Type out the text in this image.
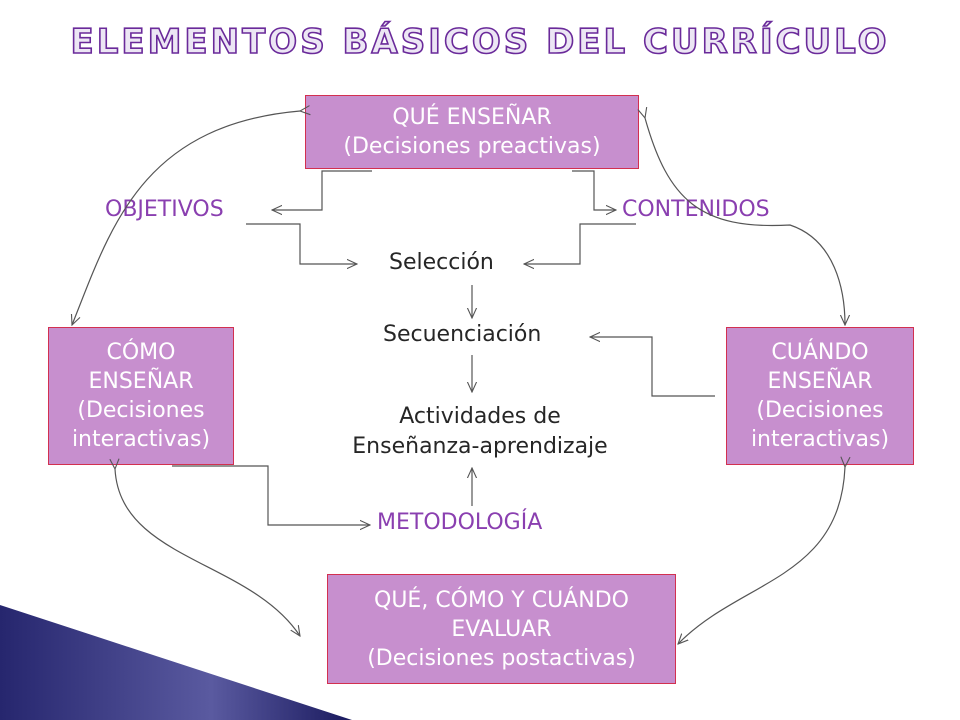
ELEMENTOS BÁSICOS DEL CURRÍCULO
QUÉ ENSEÑAR
(Decisiones preactivas)
CÓMO
ENSEÑAR
(Decisiones
interactivas)
CUÁNDO
ENSEÑAR
(Decisiones
interactivas)
QUÉ, CÓMO Y CUÁNDO
EVALUAR
(Decisiones postactivas)
OBJETIVOS	CONTENIDOS
METODOLOGÍA
Selección
Secuenciación
Actividades de
Enseñanza-aprendizaje
